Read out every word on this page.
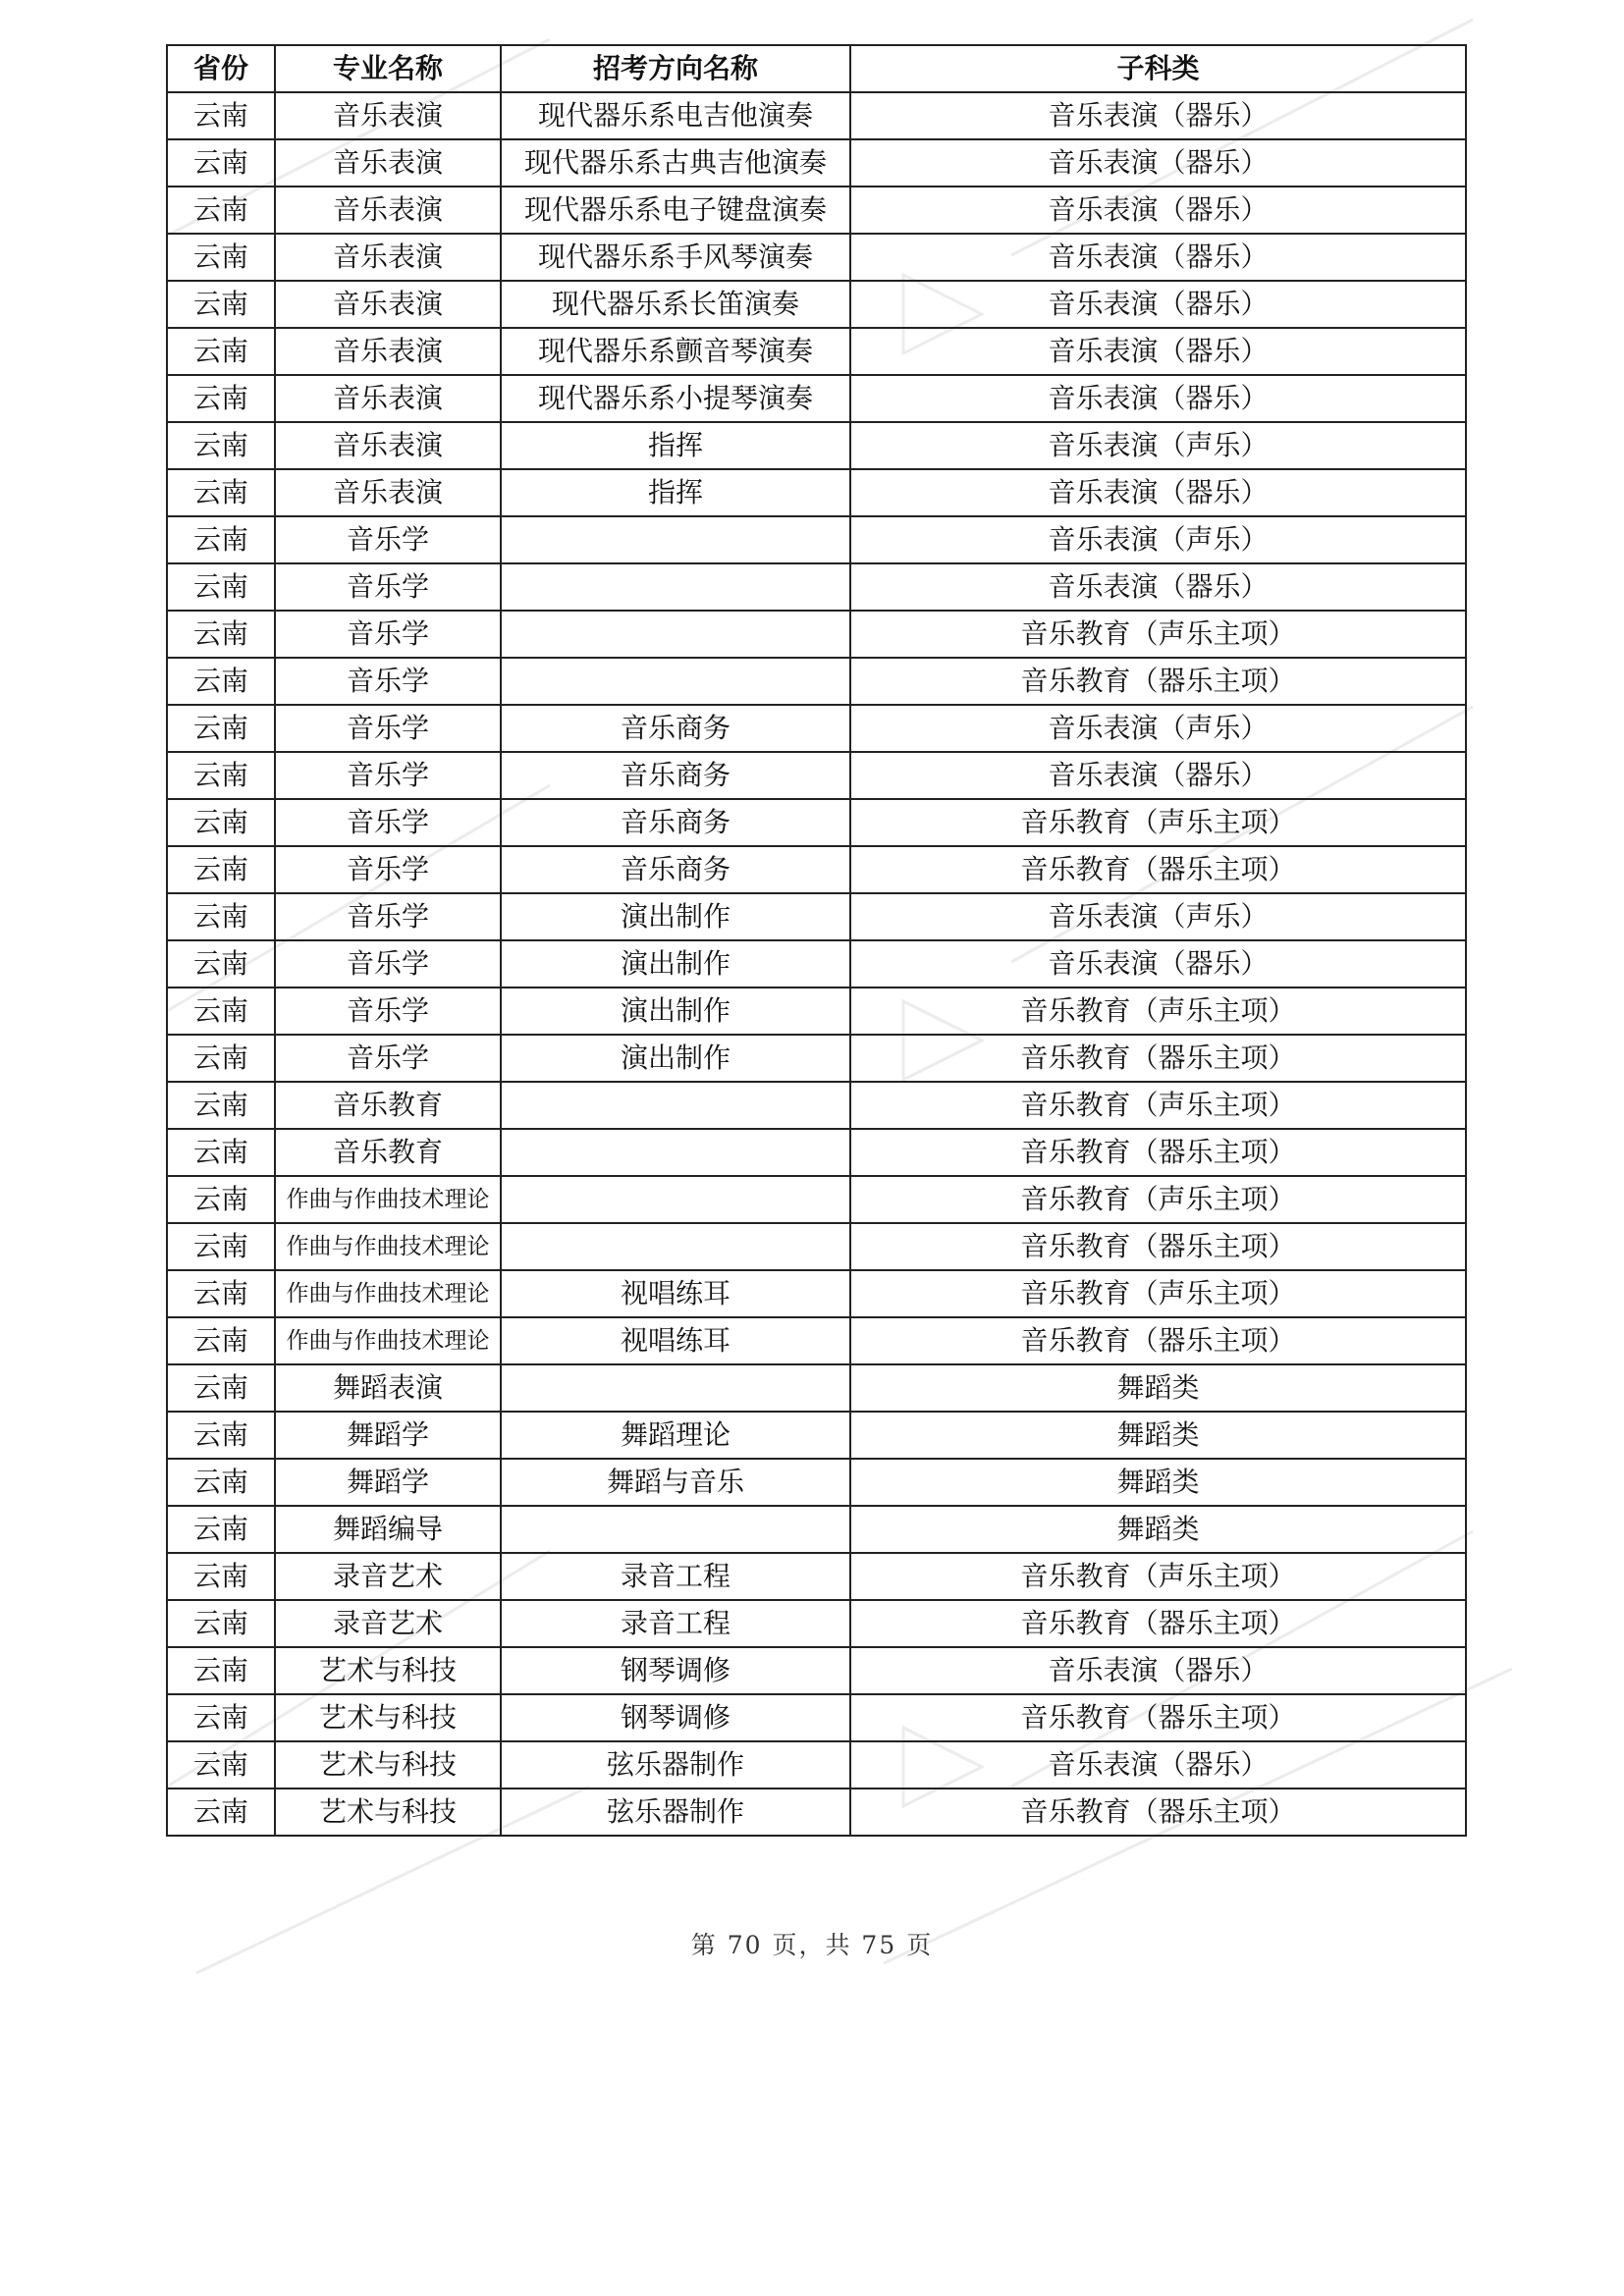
省份	专业名称	招考方向名称	子科类
云南	音乐表演	现代器乐系电吉他演奏	音乐表演（器乐）
云南	音乐表演	现代器乐系古典吉他演奏	音乐表演（器乐）
云南	音乐表演	现代器乐系电子键盘演奏	音乐表演（器乐）
云南	音乐表演	现代器乐系手风琴演奏	音乐表演（器乐）
云南	音乐表演	现代器乐系长笛演奏	音乐表演（器乐）
云南	音乐表演	现代器乐系颤音琴演奏	音乐表演（器乐）
云南	音乐表演	现代器乐系小提琴演奏	音乐表演（器乐）
云南	音乐表演	指挥	音乐表演（声乐）
云南	音乐表演	指挥	音乐表演（器乐）
云南	音乐学		音乐表演（声乐）
云南	音乐学		音乐表演（器乐）
云南	音乐学		音乐教育（声乐主项）
云南	音乐学		音乐教育（器乐主项）
云南	音乐学	音乐商务	音乐表演（声乐）
云南	音乐学	音乐商务	音乐表演（器乐）
云南	音乐学	音乐商务	音乐教育（声乐主项）
云南	音乐学	音乐商务	音乐教育（器乐主项）
云南	音乐学	演出制作	音乐表演（声乐）
云南	音乐学	演出制作	音乐表演（器乐）
云南	音乐学	演出制作	音乐教育（声乐主项）
云南	音乐学	演出制作	音乐教育（器乐主项）
云南	音乐教育		音乐教育（声乐主项）
云南	音乐教育		音乐教育（器乐主项）
云南	作曲与作曲技术理论		音乐教育（声乐主项）
云南	作曲与作曲技术理论		音乐教育（器乐主项）
云南	作曲与作曲技术理论	视唱练耳	音乐教育（声乐主项）
云南	作曲与作曲技术理论	视唱练耳	音乐教育（器乐主项）
云南	舞蹈表演		舞蹈类
云南	舞蹈学	舞蹈理论	舞蹈类
云南	舞蹈学	舞蹈与音乐	舞蹈类
云南	舞蹈编导		舞蹈类
云南	录音艺术	录音工程	音乐教育（声乐主项）
云南	录音艺术	录音工程	音乐教育（器乐主项）
云南	艺术与科技	钢琴调修	音乐表演（器乐）
云南	艺术与科技	钢琴调修	音乐教育（器乐主项）
云南	艺术与科技	弦乐器制作	音乐表演（器乐）
云南	艺术与科技	弦乐器制作	音乐教育（器乐主项）
第 70 页，共 75 页
